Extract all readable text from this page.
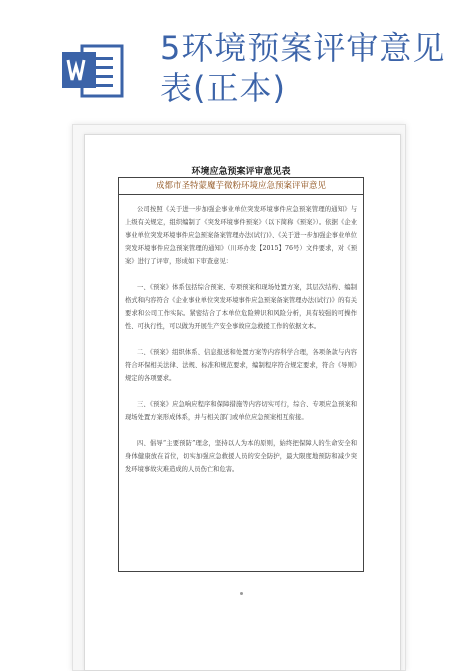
5环境预案评审意见表(正本)
环境应急预案评审意见表
成都市圣特蒙魔芋微粉环境应急预案评审意见

公司按照《关于进一步加强企事业单位突发环境事件应急预案管理的通知》与上级有关规定，组织编制了《突发环境事件预案》（以下简称《预案》）。依据《企业事业单位突发环境事件应急预案备案管理办法(试行)》、《关于进一步加强企事业单位突发环境事件应急预案管理的通知》（川环办发【2015】76号）文件要求，对《预案》进行了评审，形成如下审查意见：

一、《预案》体系包括综合预案、专项预案和现场处置方案，其层次结构、编制格式和内容符合《企业事业单位突发环境事件应急预案备案管理办法(试行)》的有关要求和公司工作实际。紧密结合了本单位危险辨识和风险分析，具有较强的可操作性、可执行性，可以做为开展生产安全事故应急救援工作的依据文本。

二、《预案》组织体系、信息报送和处置方案等内容科学合理，各项条款与内容符合环保相关法律、法规、标准和规范要求，编制程序符合规定要求，符合《导则》规定的各项要求。

三、《预案》应急响应程序和保障措施等内容切实可行，综合、专项应急预案和现场处置方案形成体系，并与相关部门或单位应急预案相互衔接。

四、倡导“主要预防”理念，坚持以人为本的原则，始终把保障人的生命安全和身体健康放在首位，切实加强应急救援人员的安全防护，最大限度地预防和减少突发环境事故灾难造成的人员伤亡和危害。
